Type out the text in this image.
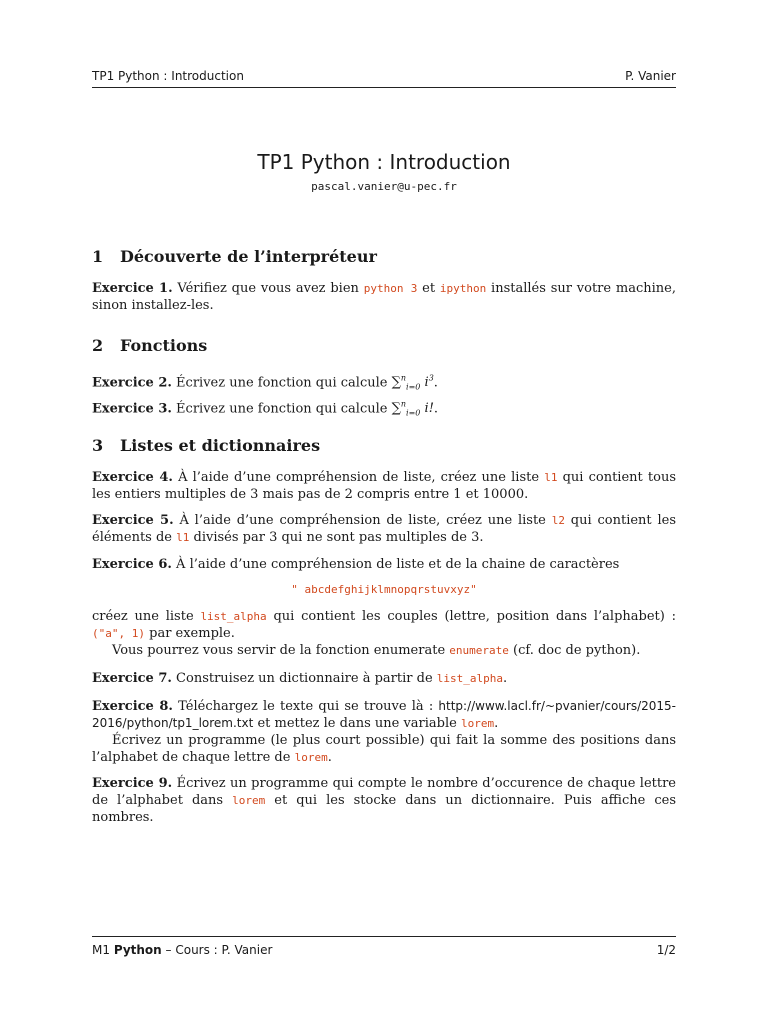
TP1 Python : Introduction	P. Vanier
TP1 Python : Introduction
pascal.vanier@u-pec.fr
1 Découverte de l’interpréteur

Exercice 1. Vérifiez que vous avez bien python 3 et ipython installés sur votre machine, sinon installez-les.

2 Fonctions

Exercice 2. Écrivez une fonction qui calcule ∑$^n_{i=0}$ $i^3$.

Exercice 3. Écrivez une fonction qui calcule ∑$^n_{i=0}$ i!.

3 Listes et dictionnaires

Exercice 4. À l’aide d’une compréhension de liste, créez une liste l1 qui contient tous les entiers multiples de 3 mais pas de 2 compris entre 1 et 10000.

Exercice 5. À l’aide d’une compréhension de liste, créez une liste l2 qui contient les éléments de l1 divisés par 3 qui ne sont pas multiples de 3.

Exercice 6. À l’aide d’une compréhension de liste et de la chaine de caractères

" abcdefghijklmnopqrstuvxyz"

créez une liste list_alpha qui contient les couples (lettre, position dans l’alphabet) : ("a", 1) par exemple.

Vous pourrez vous servir de la fonction enumerate enumerate (cf. doc de python).

Exercice 7. Construisez un dictionnaire à partir de list_alpha.

Exercice 8. Téléchargez le texte qui se trouve là : http://www.lacl.fr/~pvanier/cours/2015-2016/python/tp1_lorem.txt et mettez le dans une variable lorem.

Écrivez un programme (le plus court possible) qui fait la somme des positions dans l’alphabet de chaque lettre de lorem.

Exercice 9. Écrivez un programme qui compte le nombre d’occurence de chaque lettre de l’alphabet dans lorem et qui les stocke dans un dictionnaire. Puis affiche ces nombres.

M1 Python – Cours : P. Vanier	1/2
